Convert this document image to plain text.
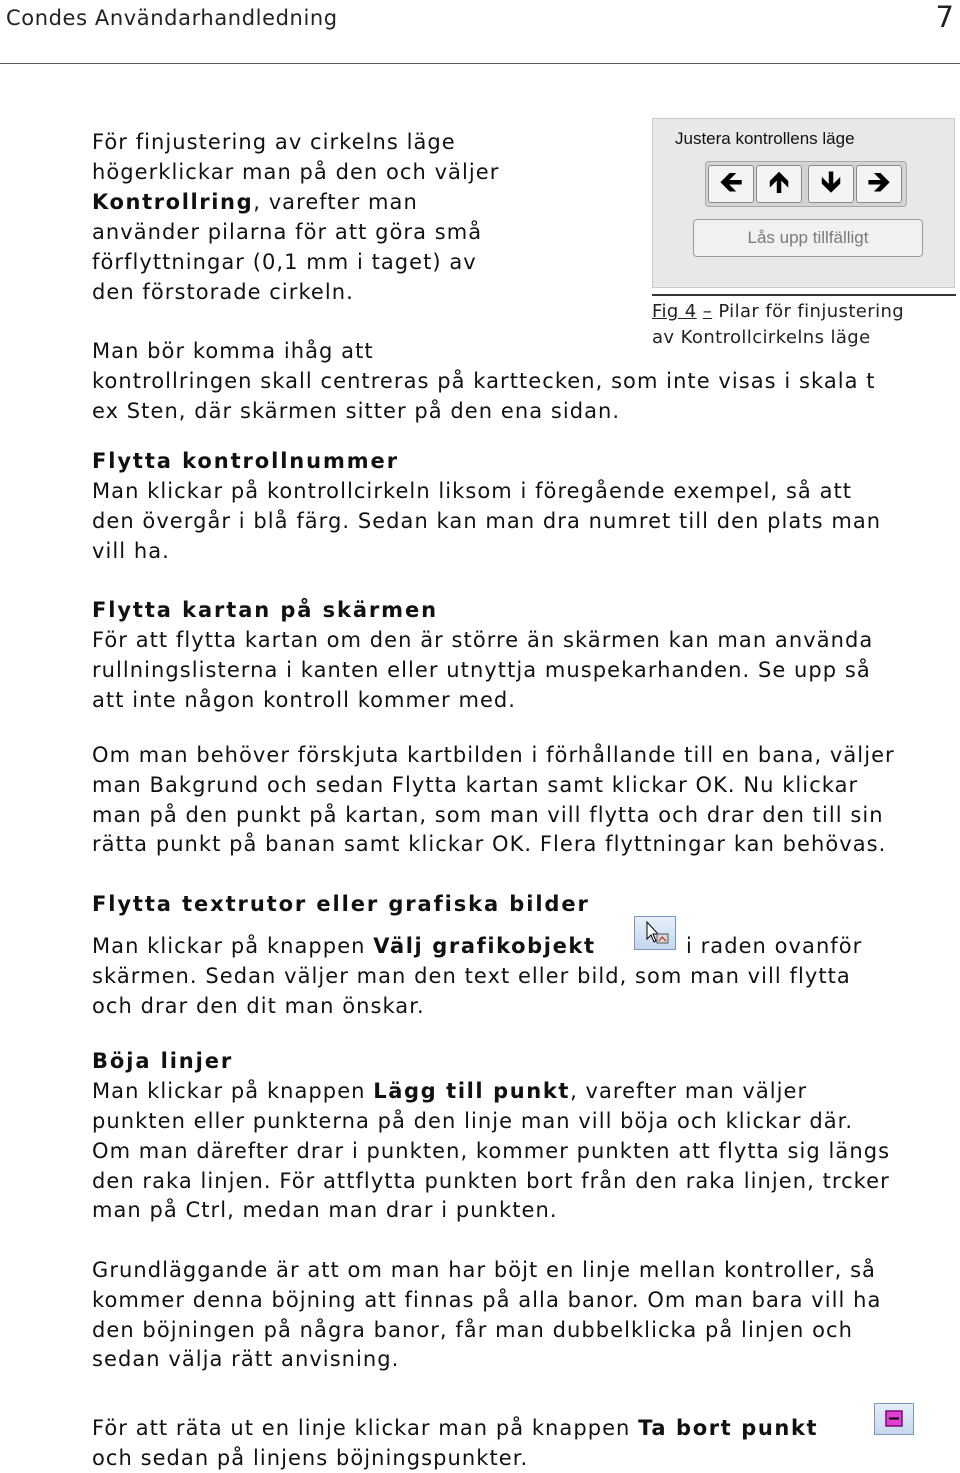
Condes Användarhandledning	7
Justera kontrollens läge
🡸 🡹	🡻 🡺
Lås upp tillfälligt
Fig 4 – Pilar för finjustering
av Kontrollcirkelns läge
För finjustering av cirkelns läge
högerklickar man på den och väljer
Kontrollring, varefter man
använder pilarna för att göra små
förflyttningar (0,1 mm i taget) av
den förstorade cirkeln.
Man bör komma ihåg att
kontrollringen skall centreras på karttecken, som inte visas i skala t
ex Sten, där skärmen sitter på den ena sidan.
Flytta kontrollnummer
Man klickar på kontrollcirkeln liksom i föregående exempel, så att
den övergår i blå färg. Sedan kan man dra numret till den plats man
vill ha.
Flytta kartan på skärmen
För att flytta kartan om den är större än skärmen kan man använda
rullningslisterna i kanten eller utnyttja muspekarhanden. Se upp så
att inte någon kontroll kommer med.
Om man behöver förskjuta kartbilden i förhållande till en bana, väljer
man Bakgrund och sedan Flytta kartan samt klickar OK. Nu klickar
man på den punkt på kartan, som man vill flytta och drar den till sin
rätta punkt på banan samt klickar OK. Flera flyttningar kan behövas.
Flytta textrutor eller grafiska bilder
Man klickar på knappen Välj grafikobjekt	i raden ovanför
skärmen. Sedan väljer man den text eller bild, som man vill flytta
och drar den dit man önskar.
Böja linjer
Man klickar på knappen Lägg till punkt, varefter man väljer
punkten eller punkterna på den linje man vill böja och klickar där.
Om man därefter drar i punkten, kommer punkten att flytta sig längs
den raka linjen. För attflytta punkten bort från den raka linjen, trcker
man på Ctrl, medan man drar i punkten.
Grundläggande är att om man har böjt en linje mellan kontroller, så
kommer denna böjning att finnas på alla banor. Om man bara vill ha
den böjningen på några banor, får man dubbelklicka på linjen och
sedan välja rätt anvisning.
För att räta ut en linje klickar man på knappen Ta bort punkt
och sedan på linjens böjningspunkter.
